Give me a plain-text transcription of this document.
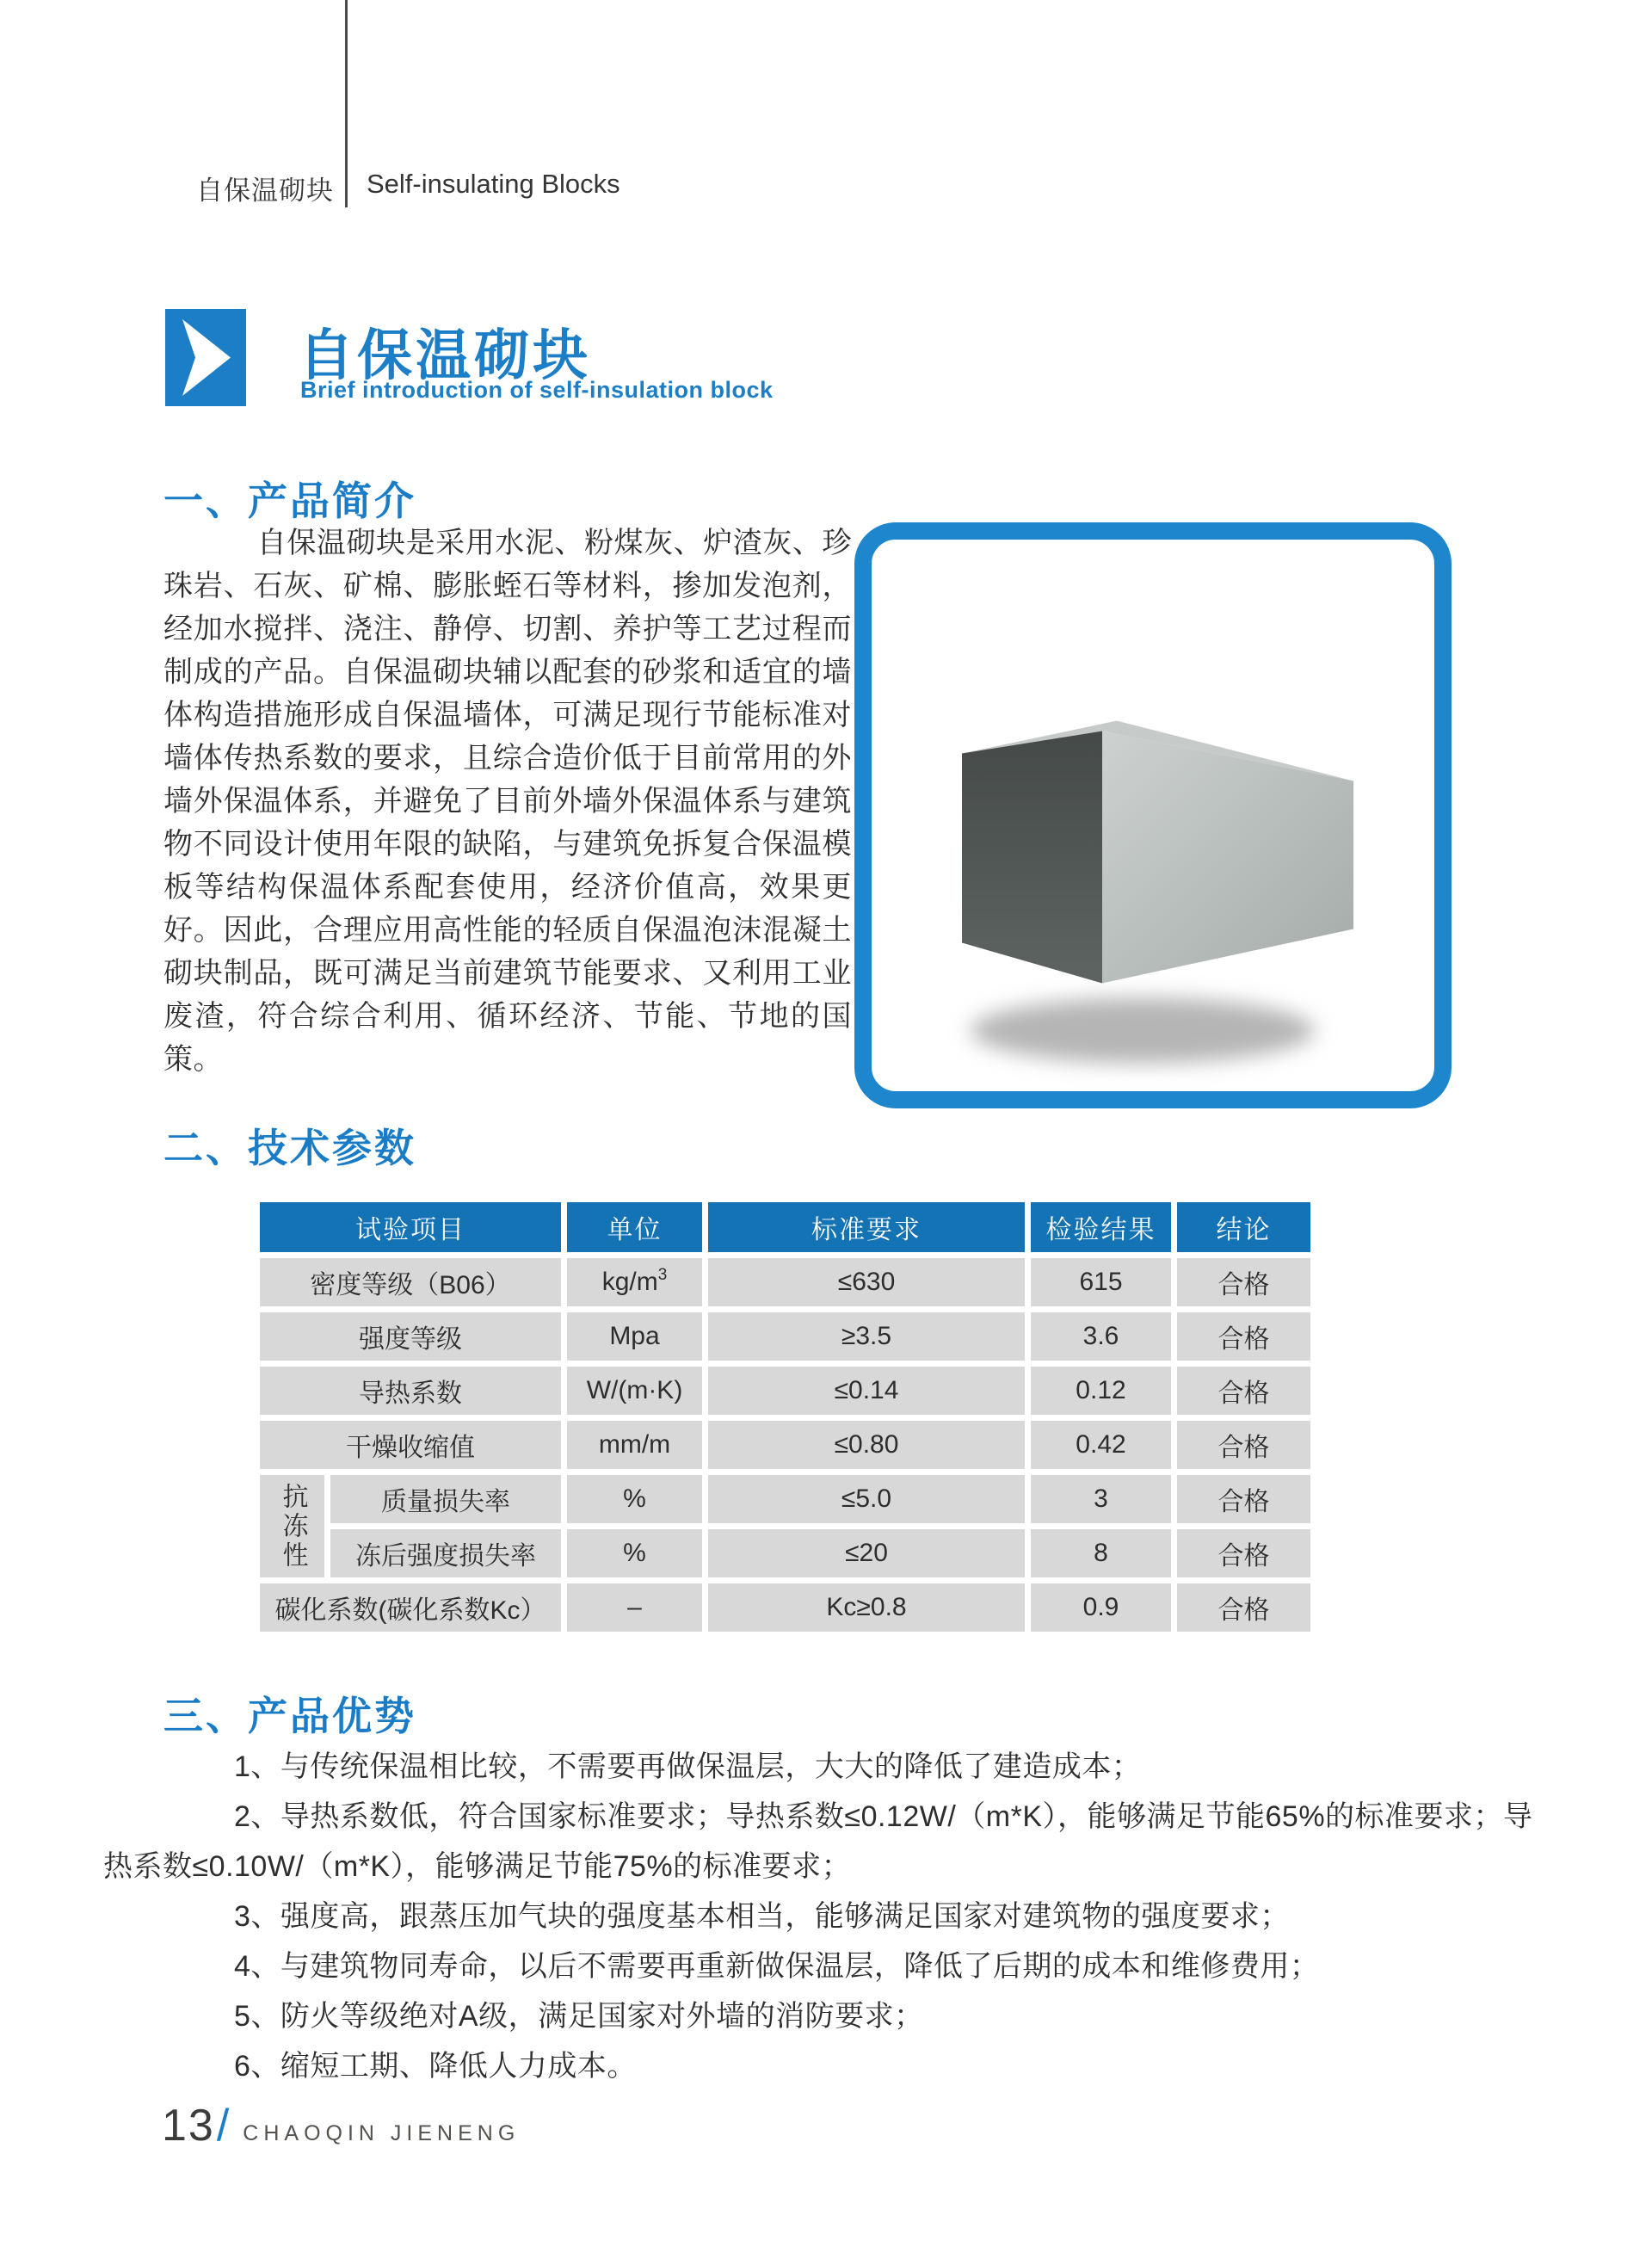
自保温砌块 Self-insulating Blocks
自保温砌块
Brief introduction of self-insulation block
一、产品简介

自保温砌块是采用水泥、粉煤灰、炉渣灰、珍珠岩、石灰、矿棉、膨胀蛭石等材料，掺加发泡剂，经加水搅拌、浇注、静停、切割、养护等工艺过程而制成的产品。自保温砌块辅以配套的砂浆和适宜的墙体构造措施形成自保温墙体，可满足现行节能标准对墙体传热系数的要求，且综合造价低于目前常用的外墙外保温体系，并避免了目前外墙外保温体系与建筑物不同设计使用年限的缺陷，与建筑免拆复合保温模板等结构保温体系配套使用，经济价值高，效果更好。因此，合理应用高性能的轻质自保温泡沫混凝土砌块制品，既可满足当前建筑节能要求、又利用工业废渣，符合综合利用、循环经济、节能、节地的国策。

二、技术参数
试验项目	单位	标准要求	检验结果	结论
密度等级（B06）	kg/m 3	≤630	615	合格
强度等级	Mpa	≥3.5	3.6	合格
导热系数	W/(m·K)	≤0.14	0.12	合格
干燥收缩值	mm/m	≤0.80	0.42	合格
抗冻性	质量损失率	%	≤5.0	3	合格
冻后强度损失率	%	≤20	8	合格
碳化系数(碳化系数Kc）	–	Kc≥0.8	0.9	合格
三、产品优势

1、与传统保温相比较，不需要再做保温层，大大的降低了建造成本；

2、导热系数低，符合国家标准要求；导热系数≤0.12W/（m*K），能够满足节能65%的标准要求；导热系数≤0.10W/（m*K），能够满足节能75%的标准要求；

3、强度高，跟蒸压加气块的强度基本相当，能够满足国家对建筑物的强度要求；

4、与建筑物同寿命，以后不需要再重新做保温层，降低了后期的成本和维修费用；

5、防火等级绝对A级，满足国家对外墙的消防要求；

6、缩短工期、降低人力成本。

13 / CHAOQIN JIENENG
